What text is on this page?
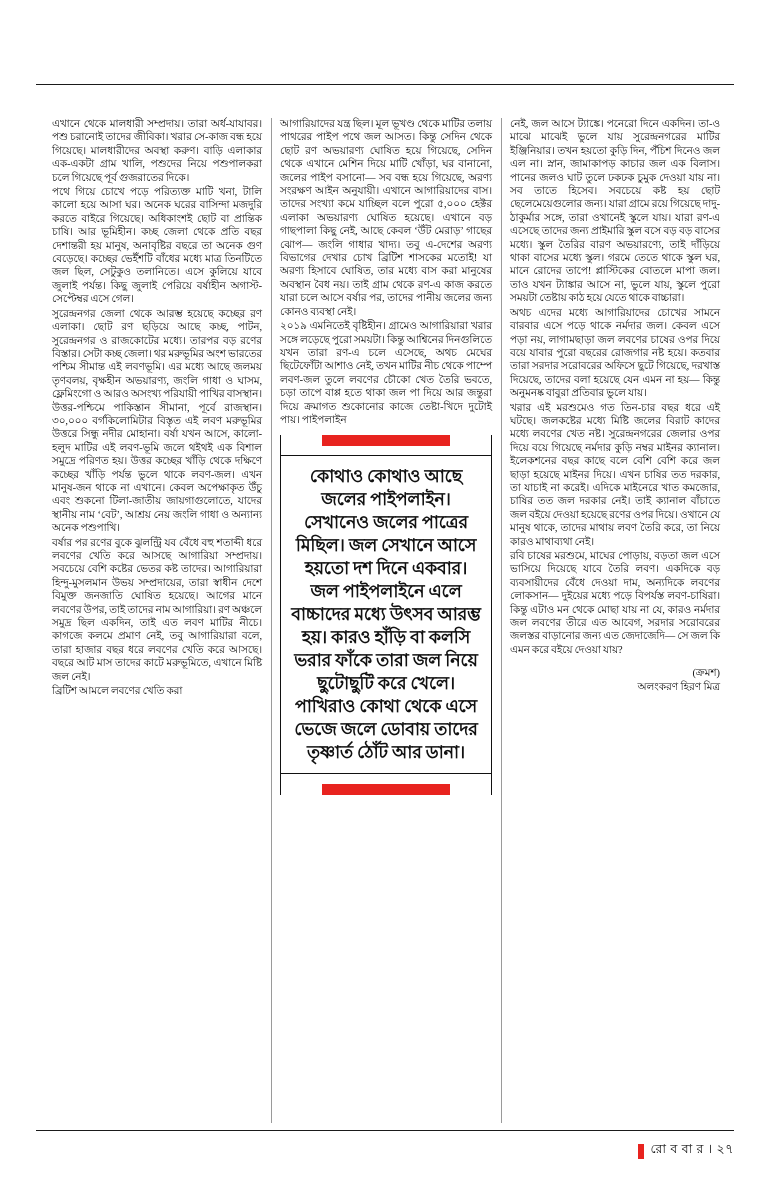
এখানে থেকে মালধারী সম্প্রদায়। তারা অর্ধ-যাযাবর। পশু চরানোই তাদের জীবিকা। খরার সে-কাজ বন্ধ হয়ে গিয়েছে। মালধারীদের অবস্থা করুণ। বাড়ি এলাকার এক-একটা গ্রাম খালি, পশুদের নিয়ে পশুপালকরা চলে গিয়েছে পূর্ব গুজরাতের দিকে।

পথে গিয়ে চোখে পড়ে পরিত্যক্ত মাটি খনা, টালি কালো হয়ে আসা ঘর। অনেক ঘরের বাসিন্দা মজদুরি করতে বাইরে গিয়েছে। অধিকাংশই ছোট বা প্রান্তিক চাষি। আর ভূমিহীন। কচ্ছ জেলা থেকে প্রতি বছর দেশান্তরী হয় মানুষ, অনাবৃষ্টির বছরে তা অনেক গুণ বেড়েছে। কচ্ছের ভেইঁশটি বাঁধের মধ্যে মাত্র তিনটিতে জল ছিল, সেটুকুও তলানিতে। এসে কুলিয়ে যাবে জুলাই পর্যন্ত। কিছু জুলাই পেরিয়ে বর্ষাহীন অগাস্ট-সেপ্টেম্বর এসে গেল।

সুরেন্দ্রনগর জেলা থেকে আরম্ভ হয়েছে কচ্ছের রণ এলাকা। ছোট রণ ছড়িয়ে আছে কচ্ছ, পাটন, সুরেন্দ্রনগর ও রাজকোটের মধ্যে। তারপর বড় রণের বিস্তার। সেটা কচ্ছ জেলা। থর মরুভূমির অংশ ভারতের পশ্চিম সীমান্ত এই লবণভূমি। এর মধ্যে আছে জলময় তৃণবলয়, বৃক্ষহীন অভয়ারণ্য, জংলি গাধা ও ঘাসম, ফ্লেমিংগো ও আরও অসংখ্য পরিযায়ী পাখির বাসস্থান। উত্তর-পশ্চিমে পাকিস্তান সীমানা, পূর্বে রাজস্থান। ৩০,০০০ বর্গকিলোমিটার বিস্তৃত এই লবণ মরুভূমির উত্তরে সিন্ধু নদীর মোহানা। বর্ষা যখন আসে, কালো-হলুদ মাটির এই লবণ-ভূমি জলে থইথই এক বিশাল সমুদ্রে পরিণত হয়। উত্তর কচ্ছের খাঁড়ি থেকে দক্ষিণে কচ্ছের খাঁড়ি পর্যন্ত ভুলে থাকে লবণ-জল। এখন মানুষ-জন থাকে না এখানে। কেবল অপেক্ষাকৃত উঁচু এবং শুকনো টিলা-জাতীয় জায়গাগুলোতে, যাদের স্থানীয় নাম ‘বেট’, আশ্রয় নেয় জংলি গাধা ও অন্যান্য অনেক পশুপাখি।

বর্ষার পর রণের বুকে ঝুলন্ট্রি যব বেঁধে বহু শতাব্দী ধরে লবণের খেতি করে আসছে আগারিয়া সম্প্রদায়। সবচেয়ে বেশি কষ্টের ভেতর কষ্ট তাদের। আগারিয়ারা হিন্দু-মুসলমান উভয় সম্প্রদায়ের, তারা স্বাধীন দেশে বিমুক্ত জনজাতি ঘোষিত হয়েছে। আগের মানে লবণের উপর, তাই তাদের নাম আগারিয়া। রণ অঞ্চলে সমুদ্র ছিল একদিন, তাই এত লবণ মাটির নীচে। কাগজে কলমে প্রমাণ নেই, তবু আগারিয়ারা বলে, তারা হাজার বছর ধরে লবণের খেতি করে আসছে। বছরে আট মাস তাদের কাটে মরুভূমিতে, এখানে মিষ্টি জল নেই।

ব্রিটিশ আমলে লবণের খেতি করা

আগারিয়াদের যন্ত্র ছিল। মূল ভূখণ্ড থেকে মাটির তলায় পাথরের পাইপ পথে জল আসত। কিন্তু সেদিন থেকে ছোট রণ অভয়ারণ্য ঘোষিত হয়ে গিয়েছে, সেদিন থেকে এখানে মেশিন দিয়ে মাটি খোঁড়া, ঘর বানানো, জলের পাইপ বসানো— সব বন্ধ হয়ে গিয়েছে, অরণ্য সংরক্ষণ আইন অনুযায়ী। এখানে আগারিয়াদের বাস। তাদের সংখ্যা কমে যাচ্ছিল বলে পুরো ৫,০০০ হেক্টর এলাকা অভয়ারণ্য ঘোষিত হয়েছে। এখানে বড় গাছপালা কিছু নেই, আছে কেবল ‘উঁট মেরাড়’ গাছের ঝোপ— জংলি গাধার খাদ্য। তবু এ-দেশের অরণ্য বিভাগের দেখার চোখ ব্রিটিশ শাসকের মতোই! যা অরণ্য হিসাবে ঘোষিত, তার মধ্যে বাস করা মানুষের অবস্থান বৈধ নয়। তাই গ্রাম থেকে রণ-এ কাজ করতে যারা চলে আসে বর্ষার পর, তাদের পানীয় জলের জন্য কোনও ব্যবস্থা নেই।

২০১৯ এমনিতেই বৃষ্টিহীন। গ্রামেও আগারিয়ারা খরার সঙ্গে লড়েছে পুরো সময়টা। কিন্তু আশ্বিনের দিনগুলিতে যখন তারা রণ-এ চলে এসেছে, অথচ মেঘের ছিটেফোঁটা আশাও নেই, তখন মাটির নীচ থেকে পাম্পে লবণ-জল তুলে লবণের চৌকো খেত তৈরি ভবতে, চড়া তাপে বাপ্প হতে থাকা জল পা দিয়ে আর জন্তুরা দিয়ে ক্রমাগত শুকোনোর কাজে তেষ্টা-খিদে দুটোই পায়। পাইপলাইন

কোথাও কোথাও আছে জলের পাইপলাইন। সেখানেও জলের পাত্রের মিছিল। জল সেখানে আসে হয়তো দশ দিনে একবার। জল পাইপলাইনে এলে বাচ্চাদের মধ্যে উৎসব আরম্ভ হয়। কারও হাঁড়ি বা কলসি ভরার ফাঁকে তারা জল নিয়ে ছুটোছুটি করে খেলে। পাখিরাও কোথা থেকে এসে ভেজে জলে ডোবায় তাদের তৃষ্ণার্ত ঠোঁট আর ডানা।

নেই, জল আসে ট্যাঙ্কে। পনেরো দিনে একদিন। তা-ও মাঝে মাঝেই ভুলে যায় সুরেন্দ্রনগরের মাটির ইঞ্জিনিয়ার। তখন হয়তো কুড়ি দিন, পঁচিশ দিনেও জল এল না। স্নান, জামাকাপড় কাচার জল এক বিলাস। পানের জলও ঘাট তুলে ঢকঢক চুমুক দেওয়া যায় না। সব তাতে হিসেব। সবচেয়ে কষ্ট হয় ছোট ছেলেমেয়েগুলোর জন্য। যারা গ্রামে রয়ে গিয়েছে দাদু-ঠাকুর্মার সঙ্গে, তারা ওখানেই স্কুলে যায়। যারা রণ-এ এসেছে তাদের জন্য প্রাইমারি স্কুল বসে বড় বড় বাসের মধ্যে। স্কুল তৈরির বারণ অভয়ারণ্যে, তাই দাঁড়িয়ে থাকা বাসের মধ্যে স্কুল। গরমে তেতে থাকে স্কুল ঘর, মানে রোদের তাপে! প্লাস্টিকের বোতলে মাপা জল। তাও যখন ট্যাঙ্কার আসে না, ভুলে যায়, স্কুলে পুরো সময়টা তেষ্টায় কাঠ হয়ে যেতে থাকে বাচ্চারা।

অথচ এদের মধ্যে আগারিয়াদের চোখের সামনে বারবার এসে পড়ে থাকে নর্মদার জল। কেবল এসে পড়া নয়, লাগামছাড়া জল লবণের চাষের ওপর দিয়ে বয়ে যাবার পুরো বছরের রোজগার নষ্ট হয়ে। কতবার তারা সরদার সরোবরের অফিসে ছুটে গিয়েছে, দরখাস্ত দিয়েছে, তাদের বলা হয়েছে যেন এমন না হয়— কিন্তু অনুমনষ্ক বাবুরা প্রতিবার ভুলে যায়।

খরার এই মরশুমেও গত তিন-চার বছর ধরে এই ঘটছে। জলকষ্টের মধ্যে মিষ্টি জলের বিরাট কাদের মধ্যে লবণের খেত নষ্ট। সুরেন্দ্রনগরের জেলার ওপর দিয়ে বয়ে গিয়েছে নর্মদার কুড়ি নম্বর মাইনর ক্যানাল। ইলেকশনের বছর কাছে বলে বেশি বেশি করে জল ছাড়া হয়েছে মাইনর দিয়ে। এখন চাষির তত দরকার, তা যাচাই না করেই। এদিকে মাইনেরে খাত কমজোর, চাষির তত জল দরকার নেই। তাই ক্যানাল বাঁচাতে জল বইয়ে দেওয়া হয়েছে রণের ওপর দিয়ে। ওখানে যে মানুষ থাকে, তাদের মাথায় লবণ তৈরি করে, তা নিয়ে কারও মাথাব্যথা নেই।

রবি চাষের মরশুমে, মাঘের পোড়ায়, বড়তা জল এসে ভাসিয়ে দিয়েছে যাবে তৈরি লবণ। একদিকে বড় ব্যবসায়ীদের বেঁধে দেওয়া দাম, অন্যদিকে লবণের লোকসান— দুইয়ের মধ্যে পড়ে বিপর্যস্ত লবণ-চাষিরা। কিন্তু এটাও মন থেকে মোছা যায় না যে, কারও নর্মদার জল লবণের তীরে এত আবেগ, সরদার সরোবরের জলস্তর বাড়ানোর জন্য এত জেদাজেদি— সে জল কি এমন করে বইয়ে দেওয়া যায়?

(ক্রমশ)
অলংকরণ হিরণ মিত্র
রো ব বা র । ২৭
